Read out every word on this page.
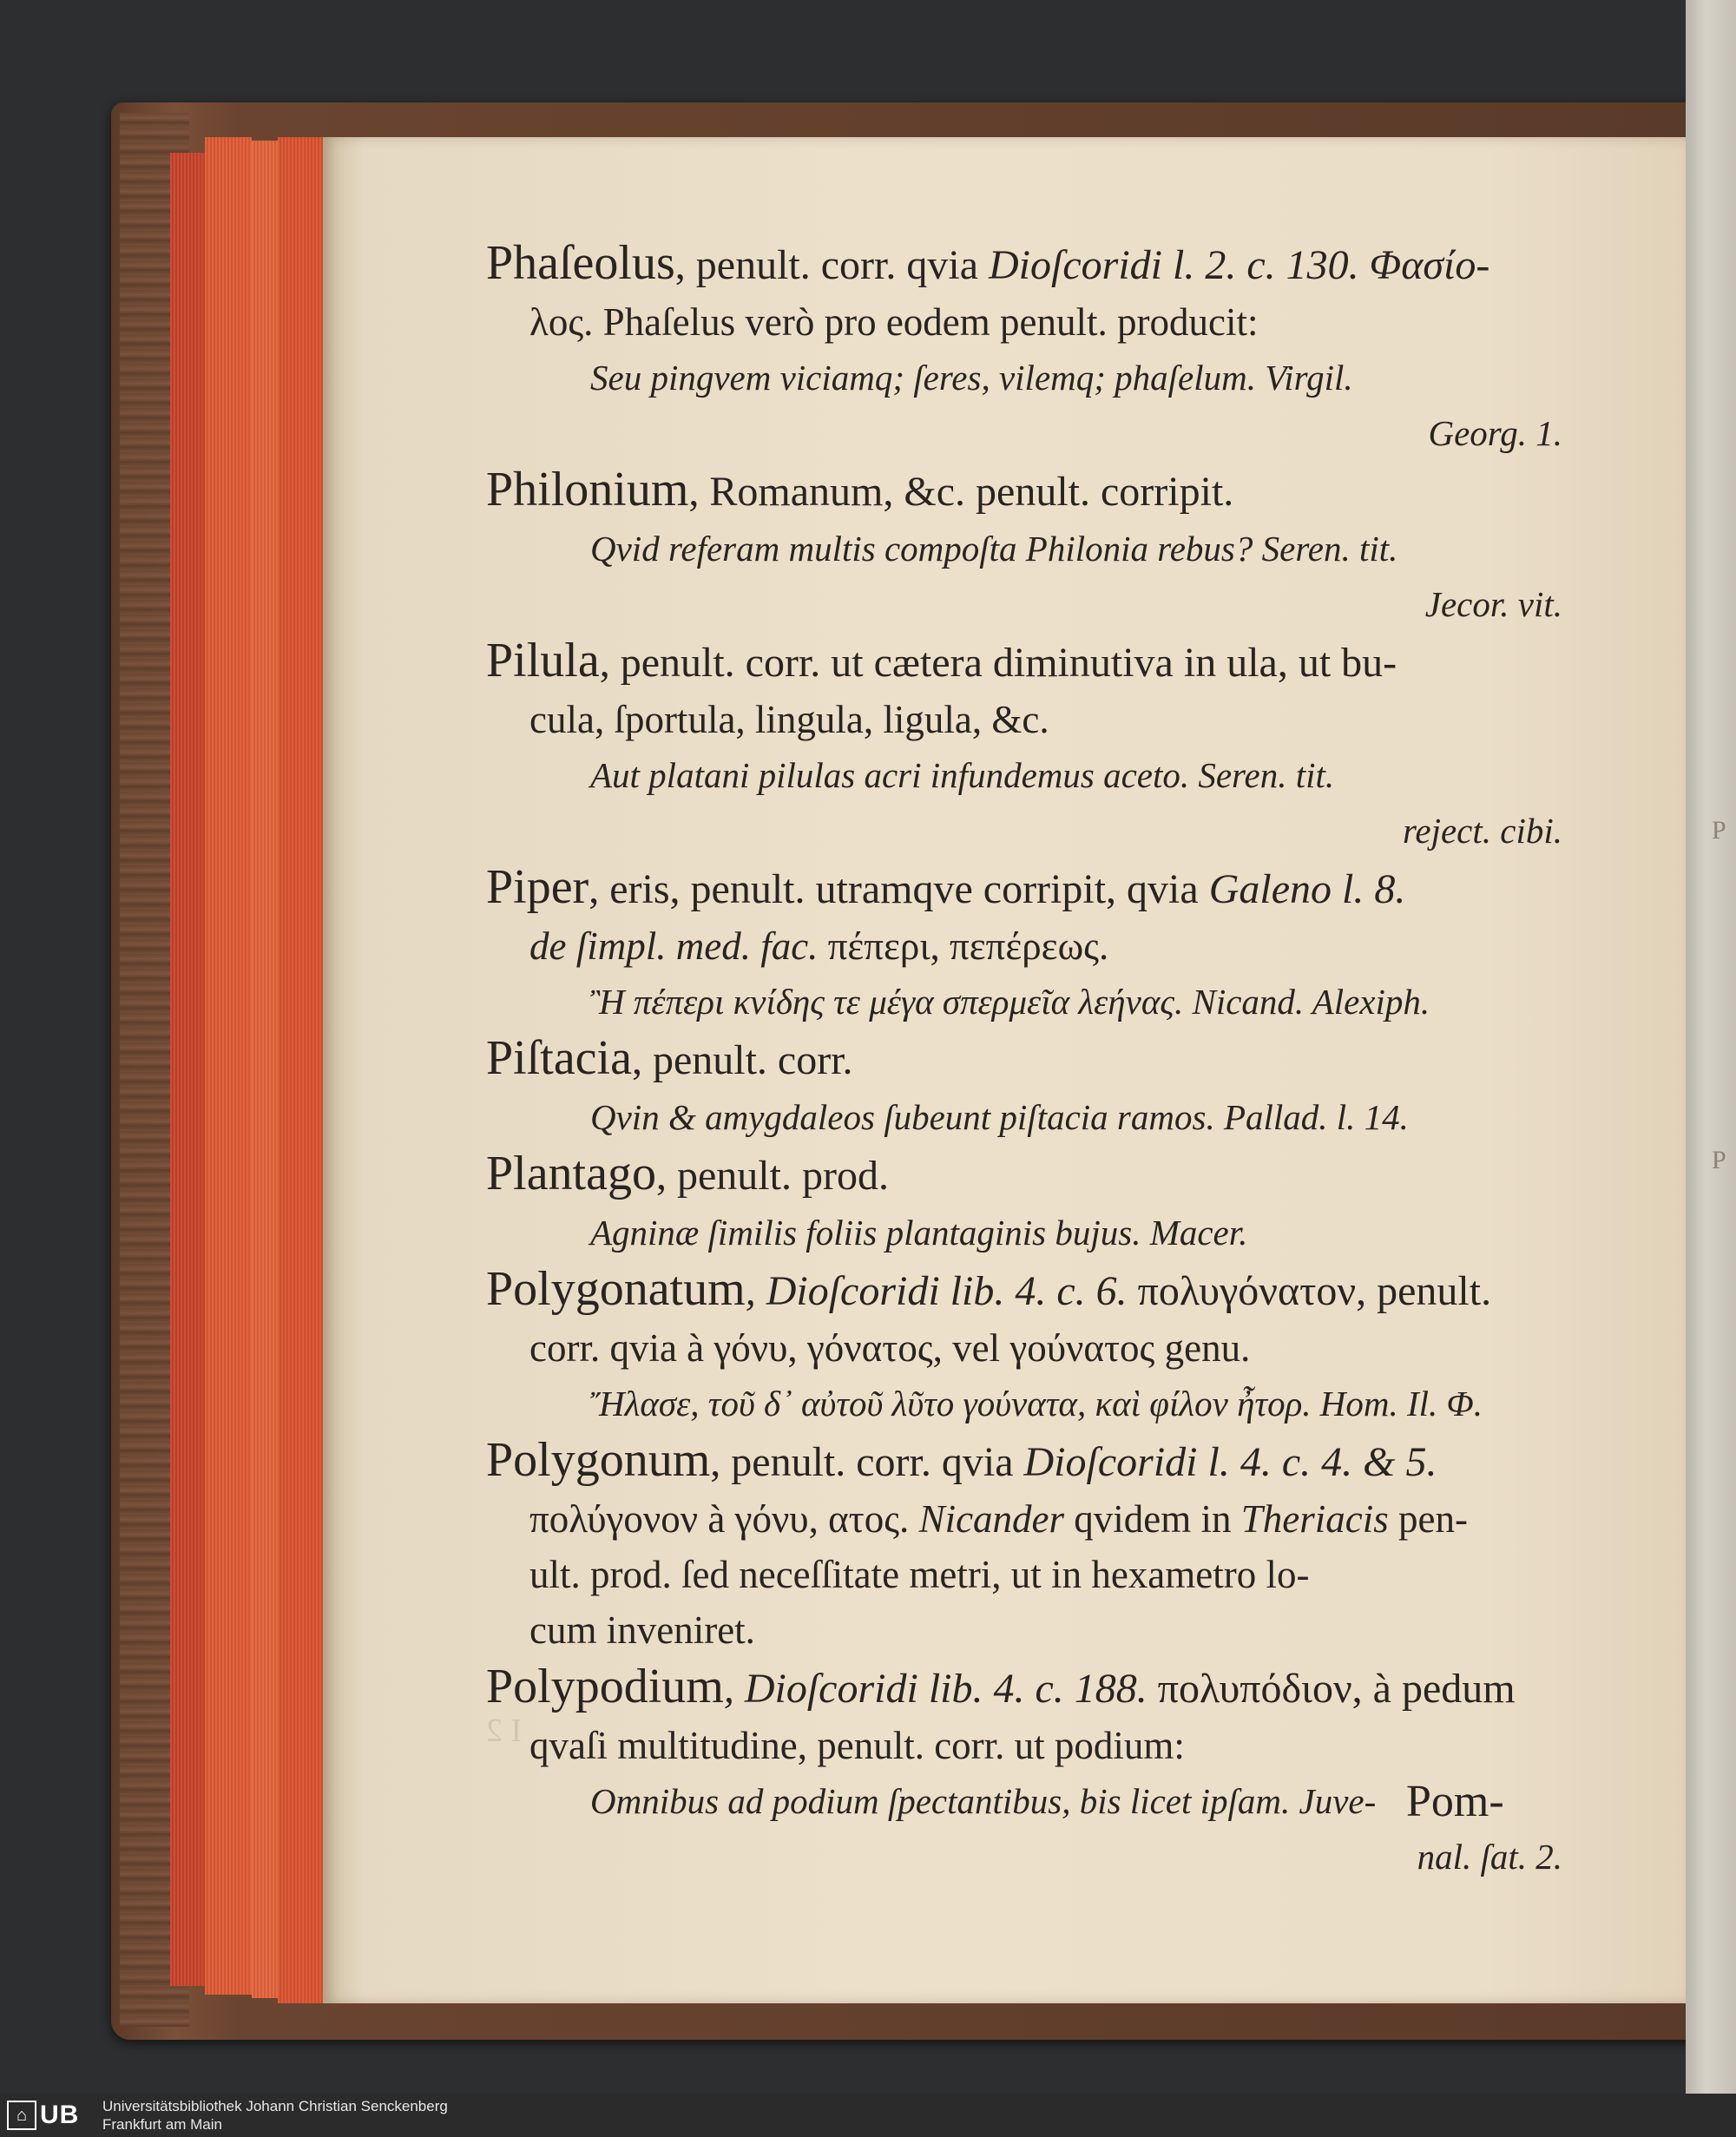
P
P
I 2
Phaſeolus, penult. corr. qvia Dioſcoridi l. 2. c. 130. Φασίο-
λος. Phaſelus verò pro eodem penult. producit:
Seu pingvem viciamq; ſeres, vilemq; phaſelum. Virgil.
Georg. 1.
Philonium, Romanum, &c. penult. corripit.
Qvid referam multis compoſta Philonia rebus? Seren. tit.
Jecor. vit.
Pilula, penult. corr. ut cætera diminutiva in ula, ut bu-
cula, ſportula, lingula, ligula, &c.
Aut platani pilulas acri infundemus aceto. Seren. tit.
reject. cibi.
Piper, eris, penult. utramqve corripit, qvia Galeno l. 8.
de ſimpl. med. fac. πέπερι, πεπέρεως.
Ἢ πέπερι κνίδης τε μέγα σπερμεῖα λεήνας. Nicand. Alexiph.
Piſtacia, penult. corr.
Qvin & amygdaleos ſubeunt piſtacia ramos. Pallad. l. 14.
Plantago, penult. prod.
Agninæ ſimilis foliis plantaginis bujus. Macer.
Polygonatum, Dioſcoridi lib. 4. c. 6. πολυγόνατον, penult.
corr. qvia à γόνυ, γόνατος, vel γούνατος genu.
Ἤλασε, τοῦ δ᾽ αὐτοῦ λῦτο γούνατα, καὶ φίλον ἦτορ. Hom. Il. Φ.
Polygonum, penult. corr. qvia Dioſcoridi l. 4. c. 4. & 5.
πολύγονον à γόνυ, ατος. Nicander qvidem in Theriacis pen-
ult. prod. ſed neceſſitate metri, ut in hexametro lo-
cum inveniret.
Polypodium, Dioſcoridi lib. 4. c. 188. πολυπόδιον, à pedum
qvaſi multitudine, penult. corr. ut podium:
Omnibus ad podium ſpectantibus, bis licet ipſam. Juve-
nal. ſat. 2.
Pom-
⌂ UB Universitätsbibliothek Johann Christian Senckenberg
Frankfurt am Main
